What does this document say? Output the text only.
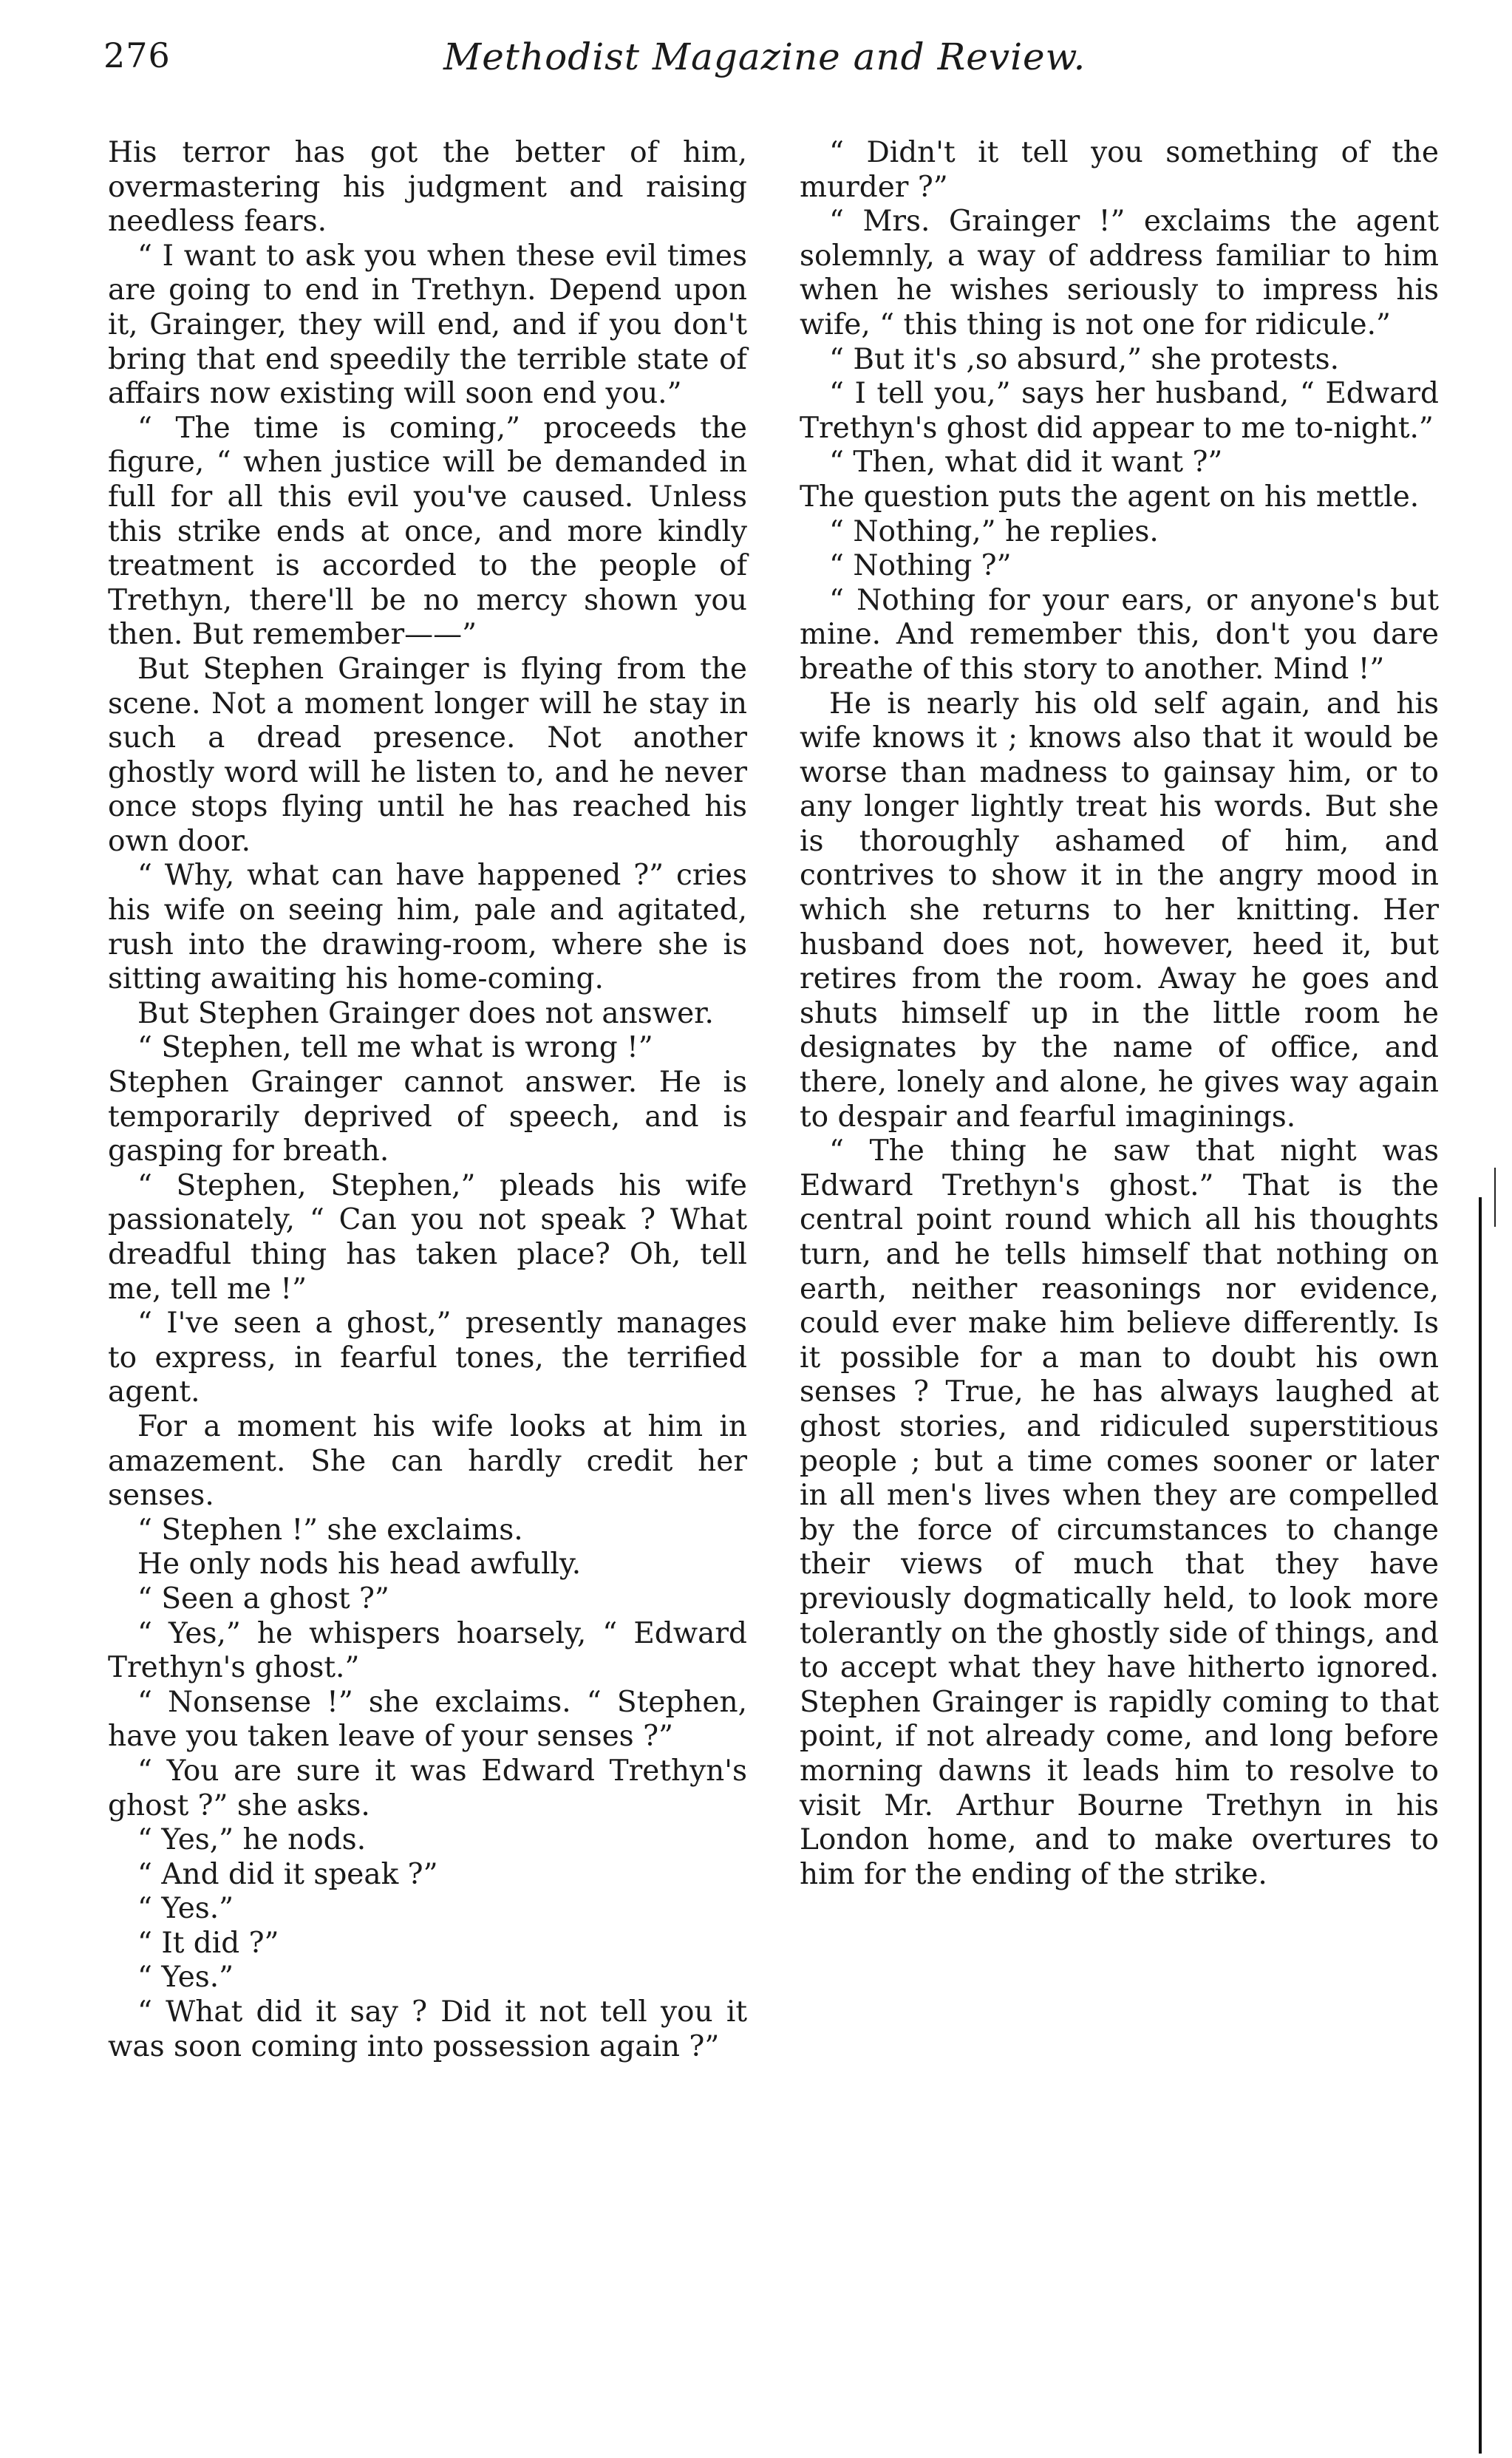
276	Methodist Magazine and Review.

His terror has got the better of him, overmastering his judgment and raising needless fears.

“ I want to ask you when these evil times are going to end in Trethyn. Depend upon it, Grainger, they will end, and if you don't bring that end speedily the terrible state of affairs now existing will soon end you.”

“ The time is coming,” proceeds the figure, “ when justice will be demanded in full for all this evil you've caused. Unless this strike ends at once, and more kindly treatment is accorded to the people of Trethyn, there'll be no mercy shown you then. But remember——”

But Stephen Grainger is flying from the scene. Not a moment longer will he stay in such a dread presence. Not another ghostly word will he listen to, and he never once stops flying until he has reached his own door.

“ Why, what can have happened ?” cries his wife on seeing him, pale and agitated, rush into the drawing-room, where she is sitting awaiting his home-coming.

But Stephen Grainger does not answer.

“ Stephen, tell me what is wrong !”

Stephen Grainger cannot answer. He is temporarily deprived of speech, and is gasping for breath.

“ Stephen, Stephen,” pleads his wife passionately, “ Can you not speak ? What dreadful thing has taken place? Oh, tell me, tell me !”

“ I've seen a ghost,” presently manages to express, in fearful tones, the terrified agent.

For a moment his wife looks at him in amazement. She can hardly credit her senses.

“ Stephen !” she exclaims.

He only nods his head awfully.

“ Seen a ghost ?”

“ Yes,” he whispers hoarsely, “ Edward Trethyn's ghost.”

“ Nonsense !” she exclaims. “ Stephen, have you taken leave of your senses ?”

“ You are sure it was Edward Trethyn's ghost ?” she asks.

“ Yes,” he nods.

“ And did it speak ?”

“ Yes.”

“ It did ?”

“ Yes.”

“ What did it say ? Did it not tell you it was soon coming into possession again ?”

“ Didn't it tell you something of the murder ?”

“ Mrs. Grainger !” exclaims the agent solemnly, a way of address familiar to him when he wishes seriously to impress his wife, “ this thing is not one for ridicule.”

“ But it's ,so absurd,” she protests.

“ I tell you,” says her husband, “ Edward Trethyn's ghost did appear to me to-night.”

“ Then, what did it want ?”

The question puts the agent on his mettle.

“ Nothing,” he replies.

“ Nothing ?”

“ Nothing for your ears, or anyone's but mine. And remember this, don't you dare breathe of this story to another. Mind !”

He is nearly his old self again, and his wife knows it ; knows also that it would be worse than madness to gainsay him, or to any longer lightly treat his words. But she is thoroughly ashamed of him, and contrives to show it in the angry mood in which she returns to her knitting. Her husband does not, however, heed it, but retires from the room. Away he goes and shuts himself up in the little room he designates by the name of office, and there, lonely and alone, he gives way again to despair and fearful imaginings.

“ The thing he saw that night was Edward Trethyn's ghost.” That is the central point round which all his thoughts turn, and he tells himself that nothing on earth, neither reasonings nor evidence, could ever make him believe differently. Is it possible for a man to doubt his own senses ? True, he has always laughed at ghost stories, and ridiculed superstitious people ; but a time comes sooner or later in all men's lives when they are compelled by the force of circumstances to change their views of much that they have previously dogmatically held, to look more tolerantly on the ghostly side of things, and to accept what they have hitherto ignored. Stephen Grainger is rapidly coming to that point, if not already come, and long before morning dawns it leads him to resolve to visit Mr. Arthur Bourne Trethyn in his London home, and to make overtures to him for the ending of the strike.
